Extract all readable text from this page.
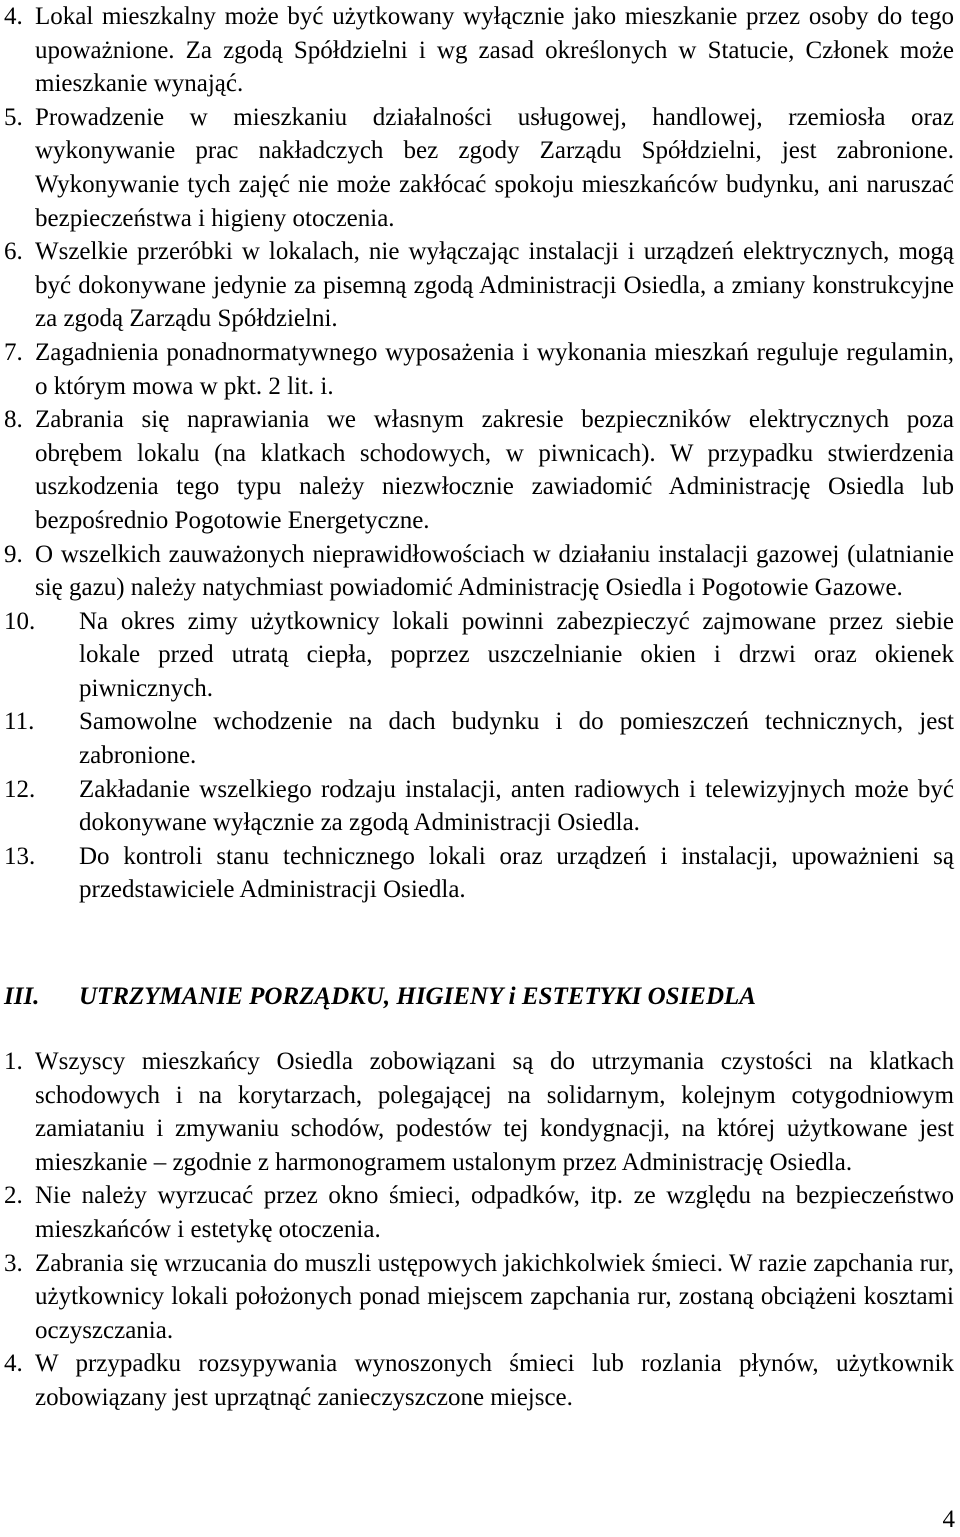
4. Lokal mieszkalny może być użytkowany wyłącznie jako mieszkanie przez osoby do tego upoważnione. Za zgodą Spółdzielni i wg zasad określonych w Statucie, Członek może mieszkanie wynająć.
5. Prowadzenie w mieszkaniu działalności usługowej, handlowej, rzemiosła oraz wykonywanie prac nakładczych bez zgody Zarządu Spółdzielni, jest zabronione. Wykonywanie tych zajęć nie może zakłócać spokoju mieszkańców budynku, ani naruszać bezpieczeństwa i higieny otoczenia.
6. Wszelkie przeróbki w lokalach, nie wyłączając instalacji i urządzeń elektrycznych, mogą być dokonywane jedynie za pisemną zgodą Administracji Osiedla, a zmiany konstrukcyjne za zgodą Zarządu Spółdzielni.
7. Zagadnienia ponadnormatywnego wyposażenia i wykonania mieszkań reguluje regulamin, o którym mowa w pkt. 2 lit. i.
8. Zabrania się naprawiania we własnym zakresie bezpieczników elektrycznych poza obrębem lokalu (na klatkach schodowych, w piwnicach). W przypadku stwierdzenia uszkodzenia tego typu należy niezwłocznie zawiadomić Administrację Osiedla lub bezpośrednio Pogotowie Energetyczne.
9. O wszelkich zauważonych nieprawidłowościach w działaniu instalacji gazowej (ulatnianie się gazu) należy natychmiast powiadomić Administrację Osiedla i Pogotowie Gazowe.
10.	Na okres zimy użytkownicy lokali powinni zabezpieczyć zajmowane przez siebie lokale przed utratą ciepła, poprzez uszczelnianie okien i drzwi oraz okienek piwnicznych.
11.	Samowolne wchodzenie na dach budynku i do pomieszczeń technicznych, jest zabronione.
12.	Zakładanie wszelkiego rodzaju instalacji, anten radiowych i telewizyjnych może być dokonywane wyłącznie za zgodą Administracji Osiedla.
13.	Do kontroli stanu technicznego lokali oraz urządzeń i instalacji, upoważnieni są przedstawiciele Administracji Osiedla.
III. UTRZYMANIE PORZĄDKU, HIGIENY i ESTETYKI OSIEDLA
1. Wszyscy mieszkańcy Osiedla zobowiązani są do utrzymania czystości na klatkach schodowych i na korytarzach, polegającej na solidarnym, kolejnym cotygodniowym zamiataniu i zmywaniu schodów, podestów tej kondygnacji, na której użytkowane jest mieszkanie – zgodnie z harmonogramem ustalonym przez Administrację Osiedla.
2. Nie należy wyrzucać przez okno śmieci, odpadków, itp. ze względu na bezpieczeństwo mieszkańców i estetykę otoczenia.
3. Zabrania się wrzucania do muszli ustępowych jakichkolwiek śmieci. W razie zapchania rur, użytkownicy lokali położonych ponad miejscem zapchania rur, zostaną obciążeni kosztami oczyszczania.
4. W przypadku rozsypywania wynoszonych śmieci lub rozlania płynów, użytkownik zobowiązany jest uprzątnąć zanieczyszczone miejsce.
4
